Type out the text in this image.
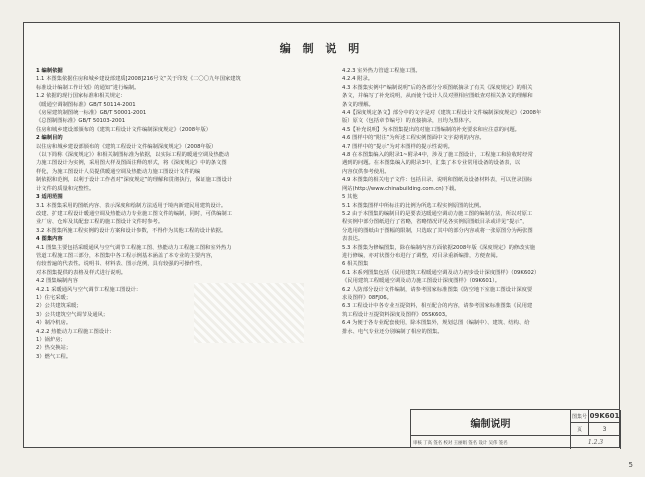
编 制 说 明

1 编制依据

1.1 本图集依据住房和城乡建设部建质[2008]216号文“关于印发《二〇〇九年国家建筑

标准设计编制工作计划》的通知”进行编制。

1.2 依据的现行国家标准和相关规定：

《暖通空调制图标准》GB/T 50114-2001

《房屋建筑制图统一标准》GB/T 50001-2001

《总图制图标准》GB/T 50103-2001

住房和城乡建设部颁布的《建筑工程设计文件编制深度规定》（2008年版）

2 编制目的

以住房和城乡建设部颁布的《建筑工程设计文件编制深度规定》（2008年版）

（以下简称《深度规定》）和相关制图标准为依据，以实际工程的暖通空调及热能动

力施工图设计为实例，采用图大样及图面注释的形式，将《深度规定》中的条文图

样化，为施工图设计人员提供暖通空调及热能动力施工图设计文件的编

制依据和范例，以利于设计工作者对“深度规定”的理解和贯彻执行，保证施工图设计

计文件的质量和完整性。

3 适用范围

3.1 本图集采用的图纸内容、表示深度和绘制方法适用于境内新建民用建筑设计。

改建、扩建工程设计暖通空调及热能动力专业施工图文件的编制，同时，可供编制工

业厂房、仓库及其配套工程的施工图设计文件时参考。

3.2 本图集所施工程实例的设计方案和设计参数，不得作为其他工程的设计依据。

4 图集内容

4.1 图集主要包括采暖通风与空气调节工程施工图、热能动力工程施工图和室外热力

管道工程施工图三部分，本图集中各工程示例基本涵盖了本专业的主要内容，

有较普遍的代表性。说明书、材料表、图示范例，具有较强的可操作性，

对本图集提供的表格及样式进行说明。

4.2 图集编制内容

4.2.1 采暖通风与空气调节工程施工图设计：

1）住宅采暖；

2）公共建筑采暖；

3）公共建筑空气调节及通风；

4）制冷机房。

4.2.2 热能动力工程施工图设计：

1）锅炉房；

2）热交换站；

3）燃气工程。

4.2.3 室外热力管道工程施工图。

4.2.4 附录。

4.3 本图集实例中“编制说明”后的各部分分项图纸摘录了有关《深度规定》的相关

条文，并编写了补充说明，从而使个设计人员对照相应图纸查对相关条文的理解和

条文的理解。

4.4【深度规定条文】部分中的文字是对《建筑工程设计文件编制深度规定》（2008年

版）原文（包括章节编号）的直接摘录，且均为黑体字。

4.5【补充说明】为本图集提出的对施工图编制的补充要求和应注意的问题。

4.6 图样中的“附注”为所述工程实例图面中文字说明的内容。

4.7 图样中的“提示”为对本图样的提示性说明。

4.8 在本图集编入的附录1~附录4中，涉及了施工图设计，工程施工和验收时经常

遇到的问题。在本图集编入的附录3中，汇集了本专业常用设备的设备表，以

内容仅供参考使用。

4.9 本图集的相关电子文件：包括目录、说明和图纸及设备材料表，可以登录国标

网站(http://www.chinabuilding.com.cn)下载。

5 其他

5.1 本图集图样中所标注的比例为所选工程实例原图的比例。

5.2 由于本图集的编制目的是要表达暖通空调动力施工图的编制方法，所以对原工

程实例中部分图纸进行了省略，省略情况详见各实例原图纸目录或详见“提示”，

分选用的图纸由于图幅的限制，只选取了其中的部分内容或将一张原图分为两张图

表表达。

5.3 本图集为修编图集，除在编制内容方面依据2008年版《深度规定》的修改实施

进行修编，亦对状图分布进行了调整，对目录重新编排，方便查阅。

6 相关图集

6.1 本系列图集包括《民用建筑工程暖通空调及动力初步设计深度图样》（09K602）

《民用建筑工程暖通空调及动力施工图设计深度图样》（09K601）。

6.2 人防部分设计文件编制，请参考国家标准图集《防空地下室施工图设计深度要

求及图样》08FJ06。

6.3 工程设计中各专业互提资料，相互配合的内容，请参考国家标准图集《民用建

筑工程设计互提资料深度及图样》05SK603。

6.4 为便于各专业配套使用，除本图集外，规划总图（编制中）、建筑、结构、给

排水、电气专业还分别编制了相应的图集。

编制说明
图集号 09K601
页	3
审核 丁高 签名 校对 王丽娟 签名 设计 吴伟 签名	1.2.3
5
